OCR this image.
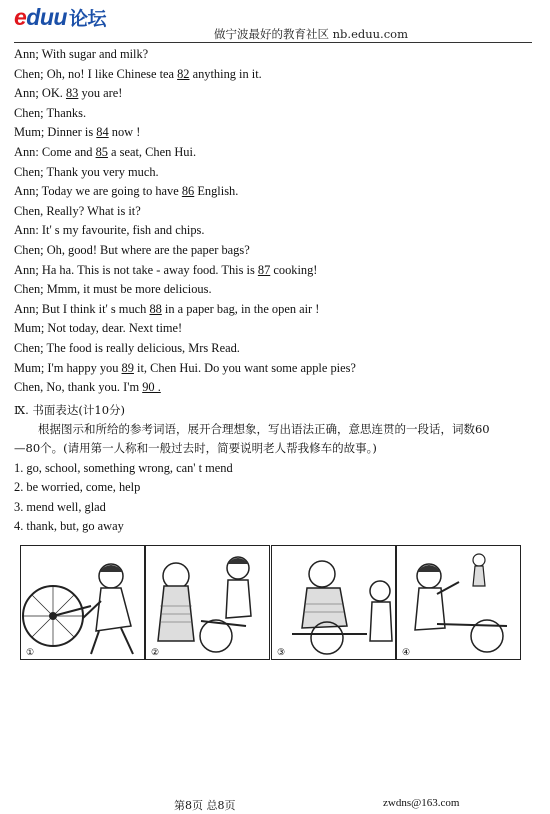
eduu 论坛
做宁波最好的教育社区 nb.eduu.com
Ann; With sugar and milk?
Chen; Oh, no! I like Chinese tea 82 anything in it.
Ann; OK. 83 you are!
Chen; Thanks.
Mum; Dinner is 84 now !
Ann: Come and 85 a seat, Chen Hui.
Chen; Thank you very much.
Ann; Today we are going to have 86 English.
Chen, Really? What is it?
Ann: It' s my favourite, fish and chips.
Chen; Oh, good! But where are the paper bags?
Ann; Ha ha. This is not take - away food. This is 87 cooking!
Chen; Mmm, it must be more delicious.
Ann; But I think it' s much 88 in a paper bag, in the open air !
Mum; Not today, dear. Next time!
Chen; The food is really delicious, Mrs Read.
Mum; I'm happy you 89 it, Chen Hui. Do you want some apple pies?
Chen, No, thank you. I'm 90 .
Ⅸ. 书面表达(计10分)
根据图示和所给的参考词语，展开合理想象，写出语法正确，意思连贯的一段话，词数60
—80个。(请用第一人称和一般过去时，简要说明老人帮我修车的故事。)
1. go, school, something wrong, can' t mend
2. be worried, come, help
3. mend well, glad
4. thank, but, go away
①	②	③	④
第8页 总8页	zwdns@163.com
